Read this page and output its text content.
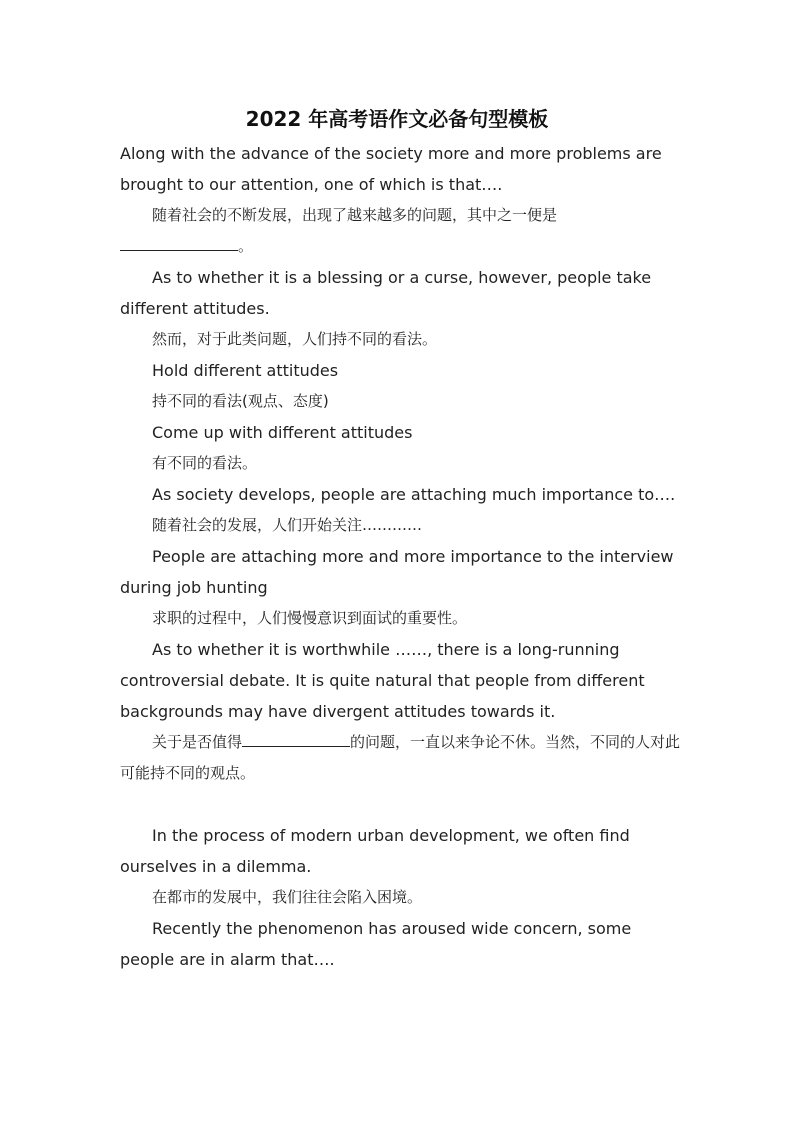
2022 年高考语作文必备句型模板

Along with the advance of the society more and more problems are brought to our attention, one of which is that….

随着社会的不断发展，出现了越来越多的问题，其中之一便是
。

As to whether it is a blessing or a curse, however, people take different attitudes.

然而，对于此类问题，人们持不同的看法。

Hold different attitudes

持不同的看法(观点、态度)

Come up with different attitudes

有不同的看法。

As society develops, people are attaching much importance to….

随着社会的发展，人们开始关注…………

People are attaching more and more importance to the interview during job hunting

求职的过程中，人们慢慢意识到面试的重要性。

As to whether it is worthwhile ……, there is a long-running controversial debate. It is quite natural that people from different backgrounds may have divergent attitudes towards it.

关于是否值得	的问题，一直以来争论不休。当然，不同的人对此可能持不同的观点。

In the process of modern urban development, we often find ourselves in a dilemma.

在都市的发展中，我们往往会陷入困境。

Recently the phenomenon has aroused wide concern, some people are in alarm that….
